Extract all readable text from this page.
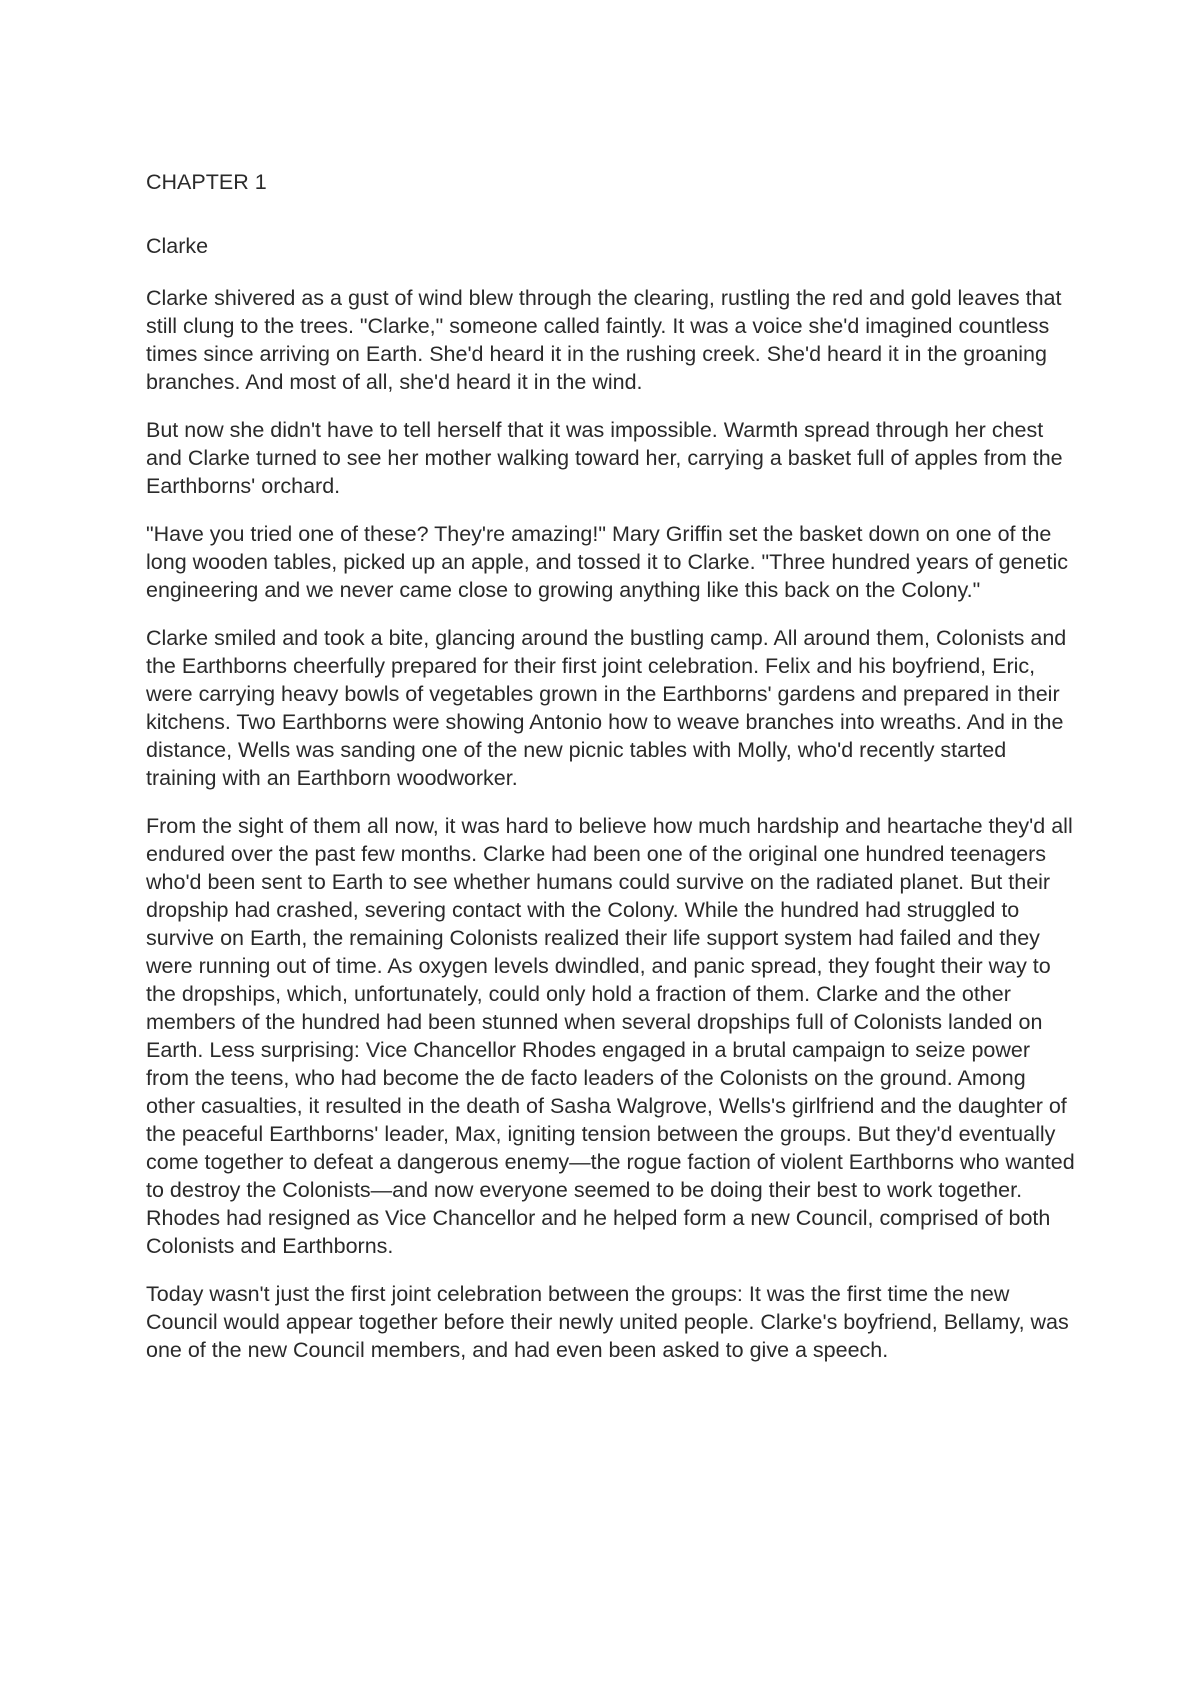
CHAPTER 1
Clarke

Clarke shivered as a gust of wind blew through the clearing, rustling the red and gold leaves that still clung to the trees. "Clarke," someone called faintly. It was a voice she'd imagined countless times since arriving on Earth. She'd heard it in the rushing creek. She'd heard it in the groaning branches. And most of all, she'd heard it in the wind.

But now she didn't have to tell herself that it was impossible. Warmth spread through her chest and Clarke turned to see her mother walking toward her, carrying a basket full of apples from the Earthborns' orchard.

"Have you tried one of these? They're amazing!" Mary Griffin set the basket down on one of the long wooden tables, picked up an apple, and tossed it to Clarke. "Three hundred years of genetic engineering and we never came close to growing anything like this back on the Colony."

Clarke smiled and took a bite, glancing around the bustling camp. All around them, Colonists and the Earthborns cheerfully prepared for their first joint celebration. Felix and his boyfriend, Eric, were carrying heavy bowls of vegetables grown in the Earthborns' gardens and prepared in their kitchens. Two Earthborns were showing Antonio how to weave branches into wreaths. And in the distance, Wells was sanding one of the new picnic tables with Molly, who'd recently started training with an Earthborn woodworker.

From the sight of them all now, it was hard to believe how much hardship and heartache they'd all endured over the past few months. Clarke had been one of the original one hundred teenagers who'd been sent to Earth to see whether humans could survive on the radiated planet. But their dropship had crashed, severing contact with the Colony. While the hundred had struggled to survive on Earth, the remaining Colonists realized their life support system had failed and they were running out of time. As oxygen levels dwindled, and panic spread, they fought their way to the dropships, which, unfortunately, could only hold a fraction of them. Clarke and the other members of the hundred had been stunned when several dropships full of Colonists landed on Earth. Less surprising: Vice Chancellor Rhodes engaged in a brutal campaign to seize power from the teens, who had become the de facto leaders of the Colonists on the ground. Among other casualties, it resulted in the death of Sasha Walgrove, Wells's girlfriend and the daughter of the peaceful Earthborns' leader, Max, igniting tension between the groups. But they'd eventually come together to defeat a dangerous enemy—the rogue faction of violent Earthborns who wanted to destroy the Colonists—and now everyone seemed to be doing their best to work together. Rhodes had resigned as Vice Chancellor and he helped form a new Council, comprised of both Colonists and Earthborns.

Today wasn't just the first joint celebration between the groups: It was the first time the new Council would appear together before their newly united people. Clarke's boyfriend, Bellamy, was one of the new Council members, and had even been asked to give a speech.
